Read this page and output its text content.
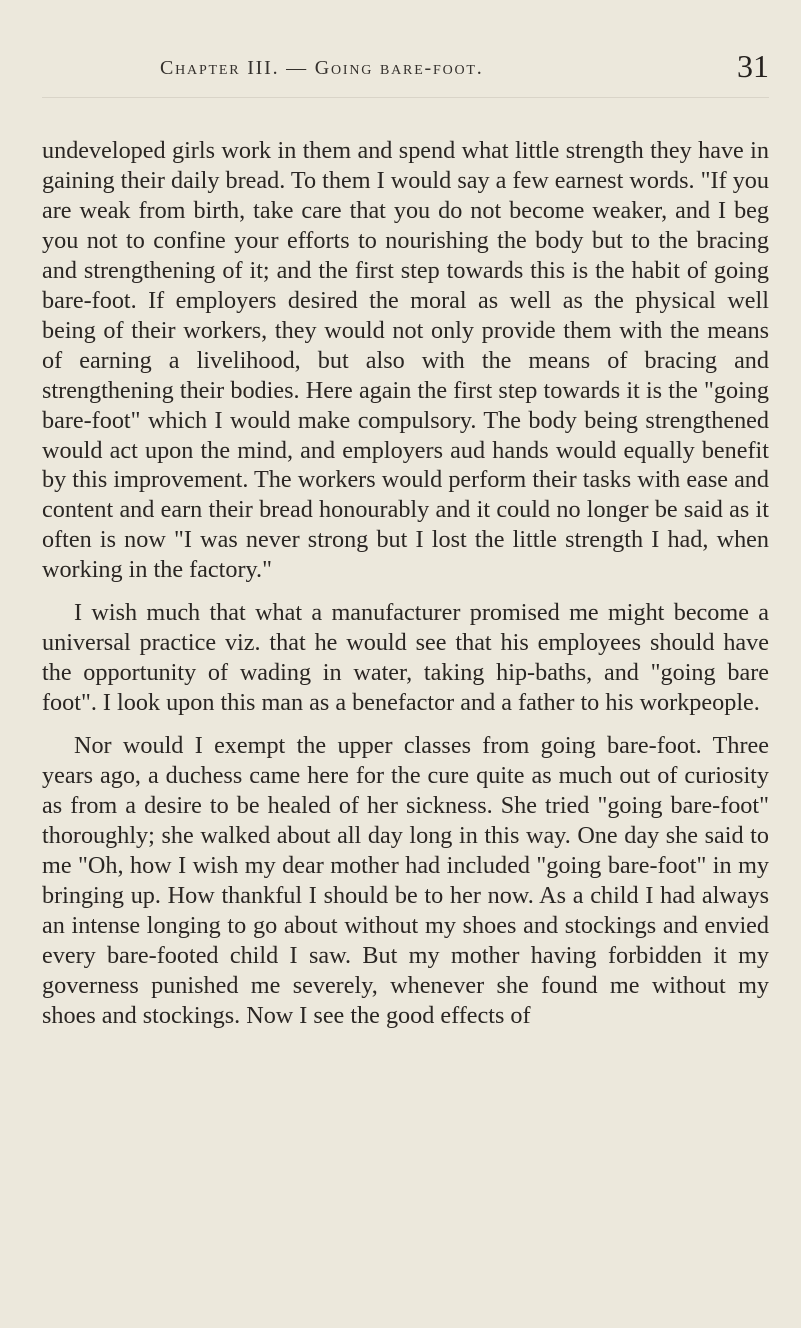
Chapter III. — Going bare-foot.	31

undeveloped girls work in them and spend what little strength they have in gaining their daily bread. To them I would say a few earnest words. "If you are weak from birth, take care that you do not become weaker, and I beg you not to confine your efforts to nourishing the body but to the bracing and strengthening of it; and the first step towards this is the habit of going bare-foot. If employers desired the moral as well as the physical well being of their workers, they would not only provide them with the means of earning a livelihood, but also with the means of bracing and strengthening their bodies. Here again the first step towards it is the "going bare-foot" which I would make compulsory. The body being strengthened would act upon the mind, and employers aud hands would equally benefit by this improvement. The workers would perform their tasks with ease and content and earn their bread honourably and it could no longer be said as it often is now "I was never strong but I lost the little strength I had, when working in the factory."

I wish much that what a manufacturer promised me might become a universal practice viz. that he would see that his employees should have the opportunity of wading in water, taking hip-baths, and "going bare foot". I look upon this man as a benefactor and a father to his workpeople.

Nor would I exempt the upper classes from going bare-foot. Three years ago, a duchess came here for the cure quite as much out of curiosity as from a desire to be healed of her sickness. She tried "going bare-foot" thoroughly; she walked about all day long in this way. One day she said to me "Oh, how I wish my dear mother had included "going bare-foot" in my bringing up. How thankful I should be to her now. As a child I had always an intense longing to go about without my shoes and stockings and envied every bare-footed child I saw. But my mother having forbidden it my governess punished me severely, whenever she found me without my shoes and stockings. Now I see the good effects of
